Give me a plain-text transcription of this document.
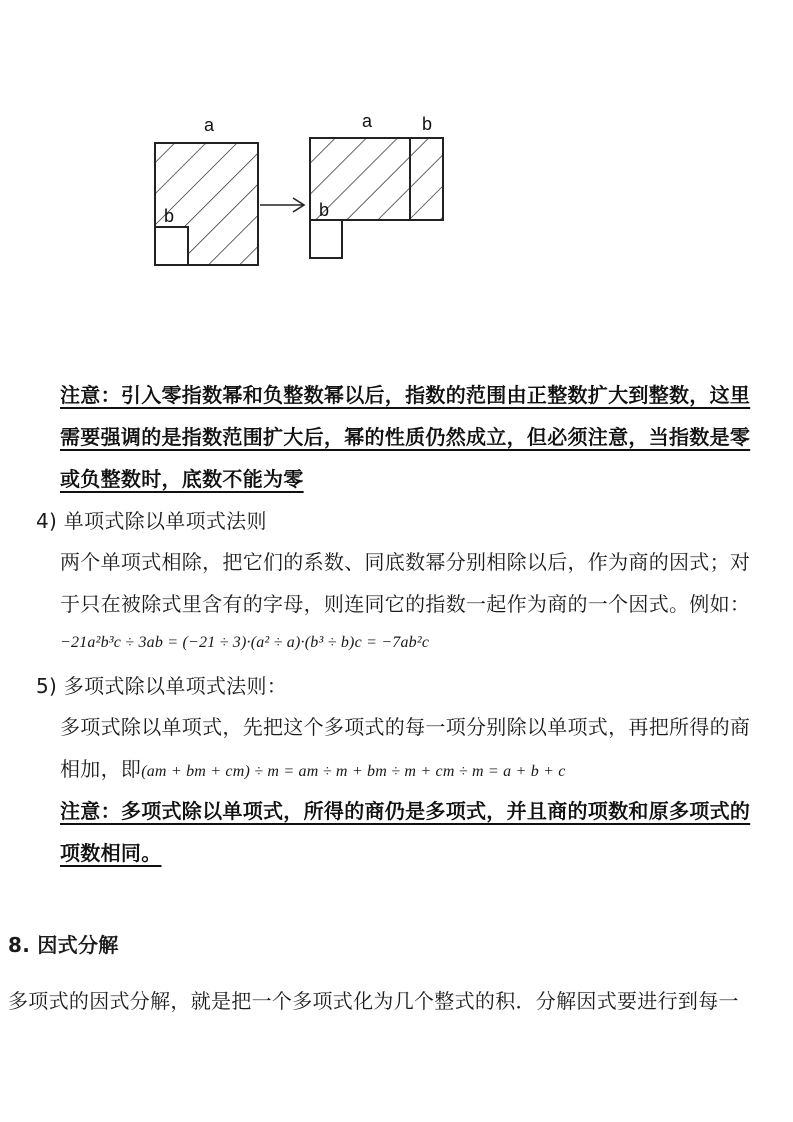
a
b
a	b
b
注意：引入零指数幂和负整数幂以后，指数的范围由正整数扩大到整数，这里
需要强调的是指数范围扩大后，幂的性质仍然成立，但必须注意，当指数是零
或负整数时，底数不能为零
4) 单项式除以单项式法则
两个单项式相除，把它们的系数、同底数幂分别相除以后，作为商的因式；对
于只在被除式里含有的字母，则连同它的指数一起作为商的一个因式。例如：
−21a²b³c ÷ 3ab = (−21 ÷ 3)·(a² ÷ a)·(b³ ÷ b)c = −7ab²c
5) 多项式除以单项式法则：
多项式除以单项式，先把这个多项式的每一项分别除以单项式，再把所得的商
相加，即(am + bm + cm) ÷ m = am ÷ m + bm ÷ m + cm ÷ m = a + b + c
注意：多项式除以单项式，所得的商仍是多项式，并且商的项数和原多项式的
项数相同。
8. 因式分解
多项式的因式分解，就是把一个多项式化为几个整式的积．分解因式要进行到每一
